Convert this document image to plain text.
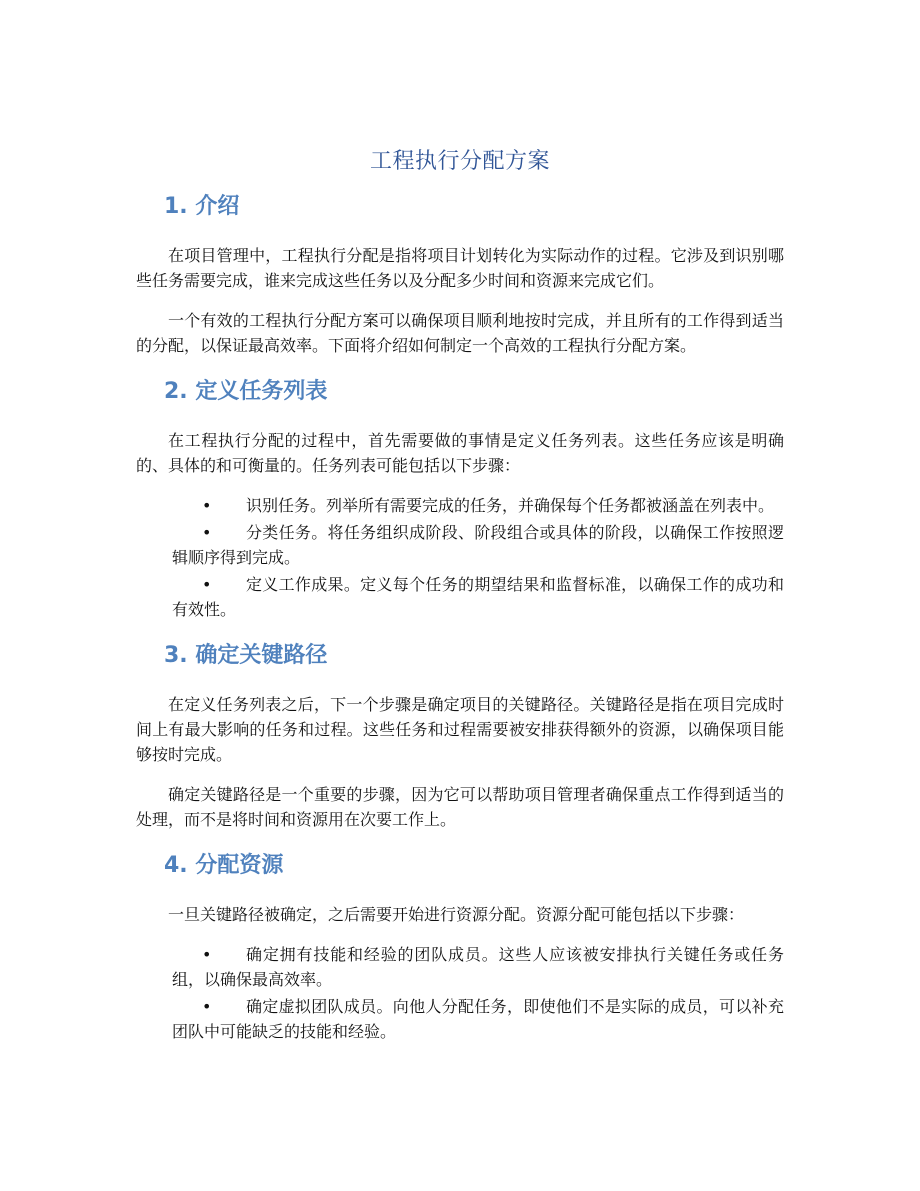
工程执行分配方案
1. 介绍

在项目管理中，工程执行分配是指将项目计划转化为实际动作的过程。它涉及到识别哪些任务需要完成，谁来完成这些任务以及分配多少时间和资源来完成它们。

一个有效的工程执行分配方案可以确保项目顺利地按时完成，并且所有的工作得到适当的分配，以保证最高效率。下面将介绍如何制定一个高效的工程执行分配方案。

2. 定义任务列表

在工程执行分配的过程中，首先需要做的事情是定义任务列表。这些任务应该是明确的、具体的和可衡量的。任务列表可能包括以下步骤：

• 识别任务。列举所有需要完成的任务，并确保每个任务都被涵盖在列表中。
• 分类任务。将任务组织成阶段、阶段组合或具体的阶段，以确保工作按照逻辑顺序得到完成。
• 定义工作成果。定义每个任务的期望结果和监督标准，以确保工作的成功和有效性。
3. 确定关键路径

在定义任务列表之后，下一个步骤是确定项目的关键路径。关键路径是指在项目完成时间上有最大影响的任务和过程。这些任务和过程需要被安排获得额外的资源，以确保项目能够按时完成。

确定关键路径是一个重要的步骤，因为它可以帮助项目管理者确保重点工作得到适当的处理，而不是将时间和资源用在次要工作上。

4. 分配资源

一旦关键路径被确定，之后需要开始进行资源分配。资源分配可能包括以下步骤：

• 确定拥有技能和经验的团队成员。这些人应该被安排执行关键任务或任务组，以确保最高效率。
• 确定虚拟团队成员。向他人分配任务，即使他们不是实际的成员，可以补充团队中可能缺乏的技能和经验。
